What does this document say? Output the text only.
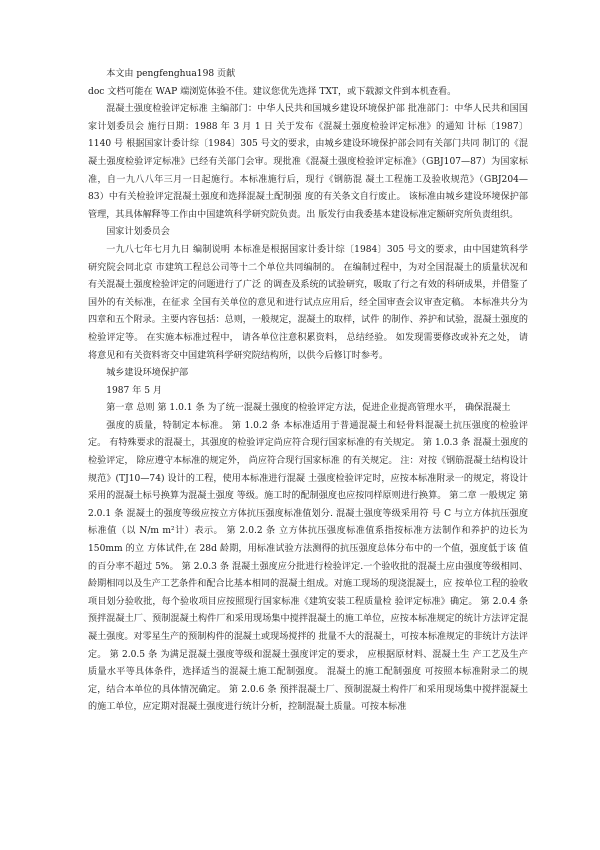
本文由 pengfenghua198 贡献

doc 文档可能在 WAP 端浏览体验不佳。建议您优先选择 TXT，或下载源文件到本机查看。

混凝土强度检验评定标准 主编部门：中华人民共和国城乡建设环境保护部 批准部门：中华人民共和国国家计划委员会 施行日期：1988 年 3 月 1 日 关于发布《混凝土强度检验评定标准》的通知 计标〔1987〕1140 号 根据国家计委计综〔1984〕305 号文的要求，由城乡建设环境保护部会同有关部门共同 制订的《混凝土强度检验评定标准》已经有关部门会审。现批准《混凝土强度检验评定标准》（GBJ107—87）为国家标准，自一九八八年三月一日起施行。本标准施行后，现行《钢筋混 凝土工程施工及验收规范》（GBJ204—83）中有关检验评定混凝土强度和选择混凝土配制强 度的有关条文自行废止。 该标准由城乡建设环境保护部管理，其具体解释等工作由中国建筑科学研究院负责。出 版发行由我委基本建设标准定额研究所负责组织。

国家计划委员会

一九八七年七月九日 编制说明 本标准是根据国家计委计综〔1984〕305 号文的要求，由中国建筑科学研究院会同北京 市建筑工程总公司等十二个单位共同编制的。 在编制过程中，为对全国混凝土的质量状况和有关混凝土强度检验评定的问题进行了广泛 的调查及系统的试验研究，吸取了行之有效的科研成果，并借鉴了国外的有关标准，在征求 全国有关单位的意见和进行试点应用后，经全国审查会议审查定稿。 本标准共分为四章和五个附录。主要内容包括：总则，一般规定，混凝土的取样，试件 的制作、养护和试验，混凝土强度的检验评定等。 在实施本标准过程中， 请各单位注意积累资料， 总结经验。 如发现需要修改或补充之处， 请将意见和有关资料寄交中国建筑科学研究院结构所，以供今后修订时参考。

城乡建设环境保护部

1987 年 5 月

第一章 总则 第 1.0.1 条 为了统一混凝土强度的检验评定方法，促进企业提高管理水平， 确保混凝土

强度的质量，特制定本标准。 第 1.0.2 条 本标准适用于普通混凝土和轻骨料混凝土抗压强度的检验评定。 有特殊要求的混凝土，其强度的检验评定尚应符合现行国家标准的有关规定。 第 1.0.3 条 混凝土强度的检验评定， 除应遵守本标准的规定外， 尚应符合现行国家标准 的有关规定。 注：对按《钢筋混凝土结构设计规范》(TJ10—74) 设计的工程，使用本标准进行混凝 土强度检验评定时，应按本标准附录一的规定，将设计采用的混凝土标号换算为混凝土强度 等级。施工时的配制强度也应按同样原则进行换算。 第二章 一般规定 第 2.0.1 条 混凝土的强度等级应按立方体抗压强度标准值划分. 混凝土强度等级采用符 号 C 与立方体抗压强度标准值（以 N/m m²计）表示。 第 2.0.2 条 立方体抗压强度标准值系指按标准方法制作和养护的边长为 150mm 的立 方体试件,在 28d 龄期，用标准试验方法测得的抗压强度总体分布中的一个值，强度低于该 值的百分率不超过 5%。 第 2.0.3 条 混凝土强度应分批进行检验评定.一个验收批的混凝土应由强度等级相同、 龄期相同以及生产工艺条件和配合比基本相同的混凝土组成。对施工现场的现浇混凝土，应 按单位工程的验收项目划分验收批，每个验收项目应按照现行国家标准《建筑安装工程质量检 验评定标准》确定。 第 2.0.4 条 预拌混凝土厂、预制混凝土构件厂和采用现场集中搅拌混凝土的施工单位，应按本标准规定的统计方法评定混凝土强度。对零星生产的预制构件的混凝土或现场搅拌的 批量不大的混凝土，可按本标准规定的非统计方法评定。 第 2.0.5 条 为满足混凝土强度等级和混凝土强度评定的要求， 应根据原材料、混凝土生 产工艺及生产质量水平等具体条件，选择适当的混凝土施工配制强度。 混凝土的施工配制强度 可按照本标准附录二的规定，结合本单位的具体情况确定。 第 2.0.6 条 预拌混凝土厂、预制混凝土构件厂和采用现场集中搅拌混凝土的施工单位，应定期对混凝土强度进行统计分析，控制混凝土质量。可按本标准
